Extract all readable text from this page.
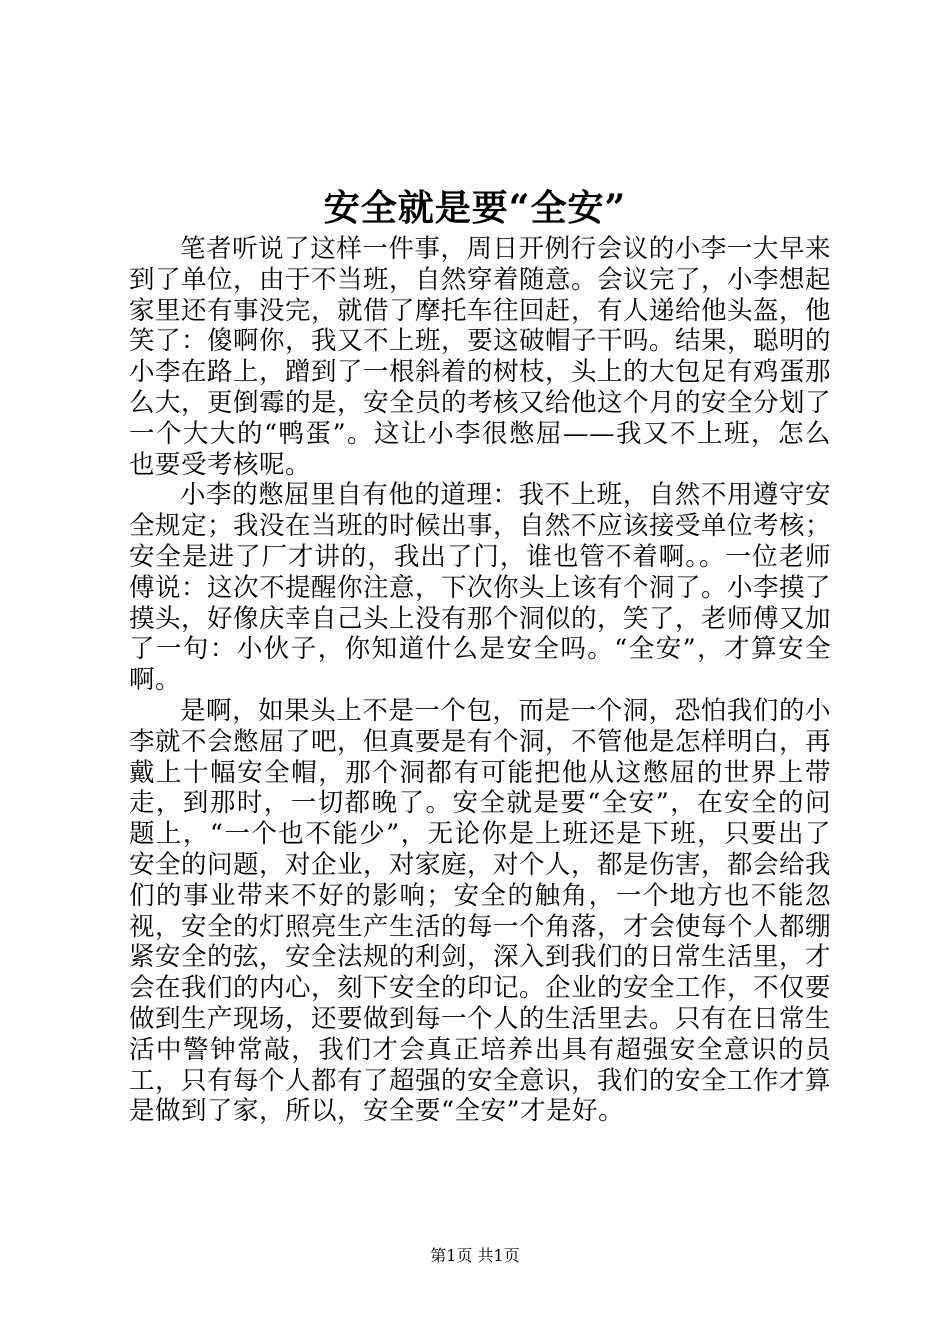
安全就是要“全安”

笔者听说了这样一件事，周日开例行会议的小李一大早来到了单位，由于不当班，自然穿着随意。会议完了，小李想起家里还有事没完，就借了摩托车往回赶，有人递给他头盔，他笑了：傻啊你，我又不上班，要这破帽子干吗。结果，聪明的小李在路上，蹭到了一根斜着的树枝，头上的大包足有鸡蛋那么大，更倒霉的是，安全员的考核又给他这个月的安全分划了一个大大的“鸭蛋”。这让小李很憋屈——我又不上班，怎么也要受考核呢。

小李的憋屈里自有他的道理：我不上班，自然不用遵守安全规定；我没在当班的时候出事，自然不应该接受单位考核；安全是进了厂才讲的，我出了门，谁也管不着啊。。一位老师傅说：这次不提醒你注意，下次你头上该有个洞了。小李摸了摸头，好像庆幸自己头上没有那个洞似的，笑了，老师傅又加了一句：小伙子，你知道什么是安全吗。“全安”，才算安全啊。

是啊，如果头上不是一个包，而是一个洞，恐怕我们的小李就不会憋屈了吧，但真要是有个洞，不管他是怎样明白，再戴上十幅安全帽，那个洞都有可能把他从这憋屈的世界上带走，到那时，一切都晚了。安全就是要“全安”，在安全的问题上，“一个也不能少”，无论你是上班还是下班，只要出了安全的问题，对企业，对家庭，对个人，都是伤害，都会给我们的事业带来不好的影响；安全的触角，一个地方也不能忽视，安全的灯照亮生产生活的每一个角落，才会使每个人都绷紧安全的弦，安全法规的利剑，深入到我们的日常生活里，才会在我们的内心，刻下安全的印记。企业的安全工作，不仅要做到生产现场，还要做到每一个人的生活里去。只有在日常生活中警钟常敲，我们才会真正培养出具有超强安全意识的员工，只有每个人都有了超强的安全意识，我们的安全工作才算是做到了家，所以，安全要“全安”才是好。

第1页 共1页
